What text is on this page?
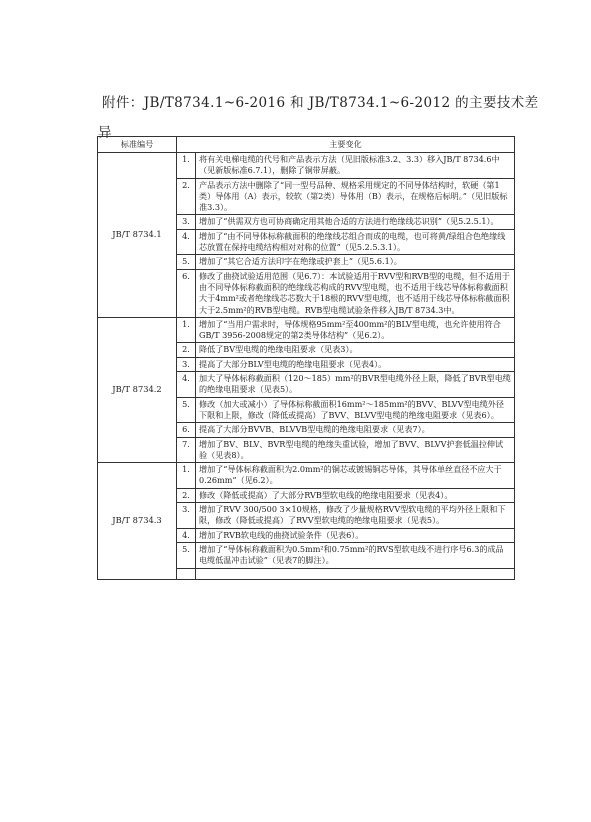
附件：JB/T8734.1~6-2016 和 JB/T8734.1~6-2012 的主要技术差
异
标准编号	主要变化	
JB/T 8734.1	1.	将有关电梯电缆的代号和产品表示方法（见旧版标准3.2、3.3）移入JB/T 8734.6中（见新版标准6.7.1），删除了铜带屏蔽。
	2.	产品表示方法中删除了“同一型号品种、规格采用规定的不同导体结构时，软硬（第1类）导体用（A）表示，较软（第2类）导体用（B）表示，在规格后标明。”（见旧版标准3.3）。
	3.	增加了“供需双方也可协商确定用其他合适的方法进行绝缘线芯识别”（见5.2.5.1）。
	4.	增加了“由不同导体标称截面积的绝缘线芯组合而成的电缆，也可将黄/绿组合色绝缘线芯放置在保持电缆结构相对对称的位置”（见5.2.5.3.1）。
	5.	增加了“其它合适方法印字在绝缘或护套上”（见5.6.1）。
	6.	修改了曲挠试验适用范围（见6.7）：本试验适用于RVV型和RVB型的电缆，但不适用于由不同导体标称截面积的绝缘线芯构成的RVV型电缆，也不适用于线芯导体标称截面积大于4mm²或者绝缘线芯芯数大于18根的RVV型电缆，也不适用于线芯导体标称截面积大于2.5mm²的RVB型电缆。RVB型电缆试验条件移入JB/T 8734.3中。
JB/T 8734.2	1.	增加了“当用户需求时，导体规格95mm²至400mm²的BLV型电缆，也允许使用符合GB/T 3956-2008规定的第2类导体结构”（见6.2）。
	2.	降低了BV型电缆的绝缘电阻要求（见表3）。
	3.	提高了大部分BLV型电缆的绝缘电阻要求（见表4）。
	4.	加大了导体标称截面积（120～185）mm²的BVR型电缆外径上限，降低了BVR型电缆的绝缘电阻要求（见表5）。
	5.	修改（加大或减小）了导体标称截面积16mm²～185mm²的BVV、BLVV型电缆外径下限和上限，修改（降低或提高）了BVV、BLVV型电缆的绝缘电阻要求（见表6）。
	6.	提高了大部分BVVB、BLVVB型电缆的绝缘电阻要求（见表7）。
	7.	增加了BV、BLV、BVR型电缆的绝缘失重试验，增加了BVV、BLVV护套低温拉伸试验（见表8）。
JB/T 8734.3	1.	增加了“导体标称截面积为2.0mm²的铜芯或镀锡铜芯导体，其导体单丝直径不应大于0.26mm”（见6.2）。
	2.	修改（降低或提高）了大部分RVB型软电线的绝缘电阻要求（见表4）。
	3.	增加了RVV 300/500 3×10规格，修改了少量规格RVV型软电缆的平均外径上限和下限，修改（降低或提高）了RVV型软电缆的绝缘电阻要求（见表5）。
	4.	增加了RVB软电线的曲挠试验条件（见表6）。
	5.	增加了“导体标称截面积为0.5mm²和0.75mm²的RVS型软电线不进行序号6.3的成品电缆低温冲击试验”（见表7的脚注）。
